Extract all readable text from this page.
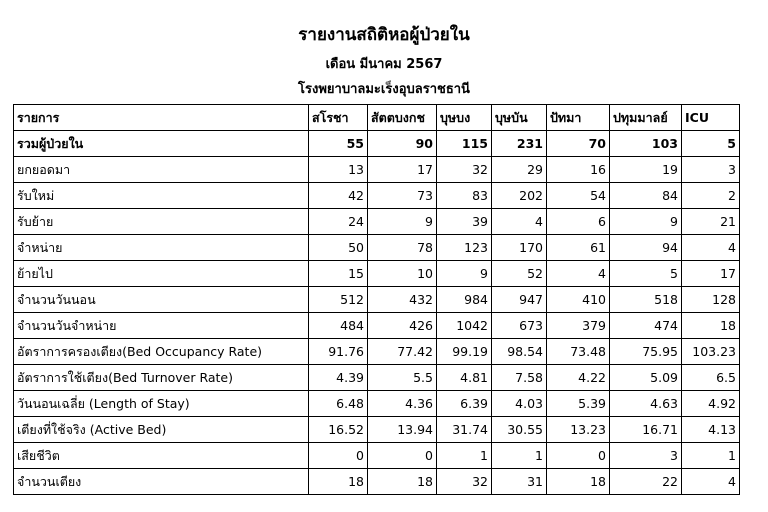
รายงานสถิติหอผู้ป่วยใน
เดือน มีนาคม 2567
โรงพยาบาลมะเร็งอุบลราชธานี
รายการ	สโรชา	สัตตบงกช	บุษบง	บุษบัน	ปัทมา	ปทุมมาลย์	ICU
รวมผู้ป่วยใน	55	90	115	231	70	103	5
ยกยอดมา	13	17	32	29	16	19	3
รับใหม่	42	73	83	202	54	84	2
รับย้าย	24	9	39	4	6	9	21
จำหน่าย	50	78	123	170	61	94	4
ย้ายไป	15	10	9	52	4	5	17
จำนวนวันนอน	512	432	984	947	410	518	128
จำนวนวันจำหน่าย	484	426	1042	673	379	474	18
อัตราการครองเตียง(Bed Occupancy Rate)	91.76	77.42	99.19	98.54	73.48	75.95	103.23
อัตราการใช้เตียง(Bed Turnover Rate)	4.39	5.5	4.81	7.58	4.22	5.09	6.5
วันนอนเฉลี่ย (Length of Stay)	6.48	4.36	6.39	4.03	5.39	4.63	4.92
เตียงที่ใช้จริง (Active Bed)	16.52	13.94	31.74	30.55	13.23	16.71	4.13
เสียชีวิต	0	0	1	1	0	3	1
จำนวนเตียง	18	18	32	31	18	22	4
